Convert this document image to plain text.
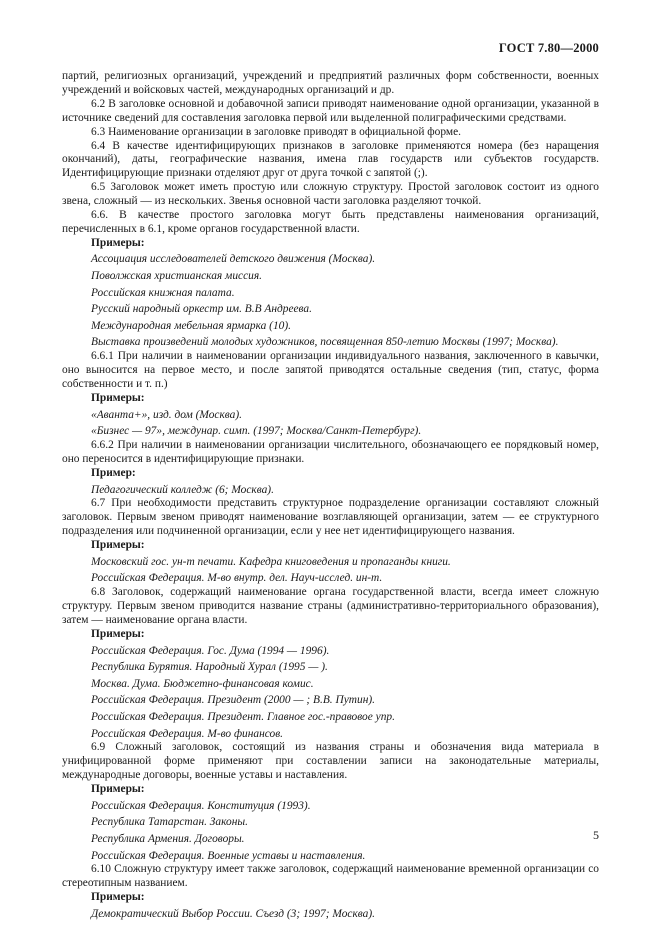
ГОСТ 7.80—2000

партий, религиозных организаций, учреждений и предприятий различных форм собственности, военных учреждений и войсковых частей, международных организаций и др.

6.2 В заголовке основной и добавочной записи приводят наименование одной организации, указанной в источнике сведений для составления заголовка первой или выделенной полиграфическими средствами.

6.3 Наименование организации в заголовке приводят в официальной форме.

6.4 В качестве идентифицирующих признаков в заголовке применяются номера (без наращения окончаний), даты, географические названия, имена глав государств или субъектов государств. Идентифицирующие признаки отделяют друг от друга точкой с запятой (;).

6.5 Заголовок может иметь простую или сложную структуру. Простой заголовок состоит из одного звена, сложный — из нескольких. Звенья основной части заголовка разделяют точкой.

6.6. В качестве простого заголовка могут быть представлены наименования организаций, перечисленных в 6.1, кроме органов государственной власти.

Примеры:

Ассоциация исследователей детского движения (Москва).

Поволжская христианская миссия.

Российская книжная палата.

Русский народный оркестр им. В.В Андреева.

Международная мебельная ярмарка (10).

Выставка произведений молодых художников, посвященная 850-летию Москвы (1997; Москва).

6.6.1 При наличии в наименовании организации индивидуального названия, заключенного в кавычки, оно выносится на первое место, и после запятой приводятся остальные сведения (тип, статус, форма собственности и т. п.)

Примеры:

«Аванта+», изд. дом (Москва).

«Бизнес — 97», междунар. симп. (1997; Москва/Санкт-Петербург).

6.6.2 При наличии в наименовании организации числительного, обозначающего ее порядковый номер, оно переносится в идентифицирующие признаки.

Пример:

Педагогический колледж (6; Москва).

6.7 При необходимости представить структурное подразделение организации составляют сложный заголовок. Первым звеном приводят наименование возглавляющей организации, затем — ее структурного подразделения или подчиненной организации, если у нее нет идентифицирующего названия.

Примеры:

Московский гос. ун-т печати. Кафедра книговедения и пропаганды книги.

Российская Федерация. М-во внутр. дел. Науч-исслед. ин-т.

6.8 Заголовок, содержащий наименование органа государственной власти, всегда имеет сложную структуру. Первым звеном приводится название страны (административно-территориального образования), затем — наименование органа власти.

Примеры:

Российская Федерация. Гос. Дума (1994 — 1996).

Республика Бурятия. Народный Хурал (1995 — ).

Москва. Дума. Бюджетно-финансовая комис.

Российская Федерация. Президент (2000 — ; В.В. Путин).

Российская Федерация. Президент. Главное гос.-правовое упр.

Российская Федерация. М-во финансов.

6.9 Сложный заголовок, состоящий из названия страны и обозначения вида материала в унифицированной форме применяют при составлении записи на законодательные материалы, международные договоры, военные уставы и наставления.

Примеры:

Российская Федерация. Конституция (1993).

Республика Татарстан. Законы.

Республика Армения. Договоры.

Российская Федерация. Военные уставы и наставления.

6.10 Сложную структуру имеет также заголовок, содержащий наименование временной организации со стереотипным названием.

Примеры:

Демократический Выбор России. Съезд (3; 1997; Москва).

5
